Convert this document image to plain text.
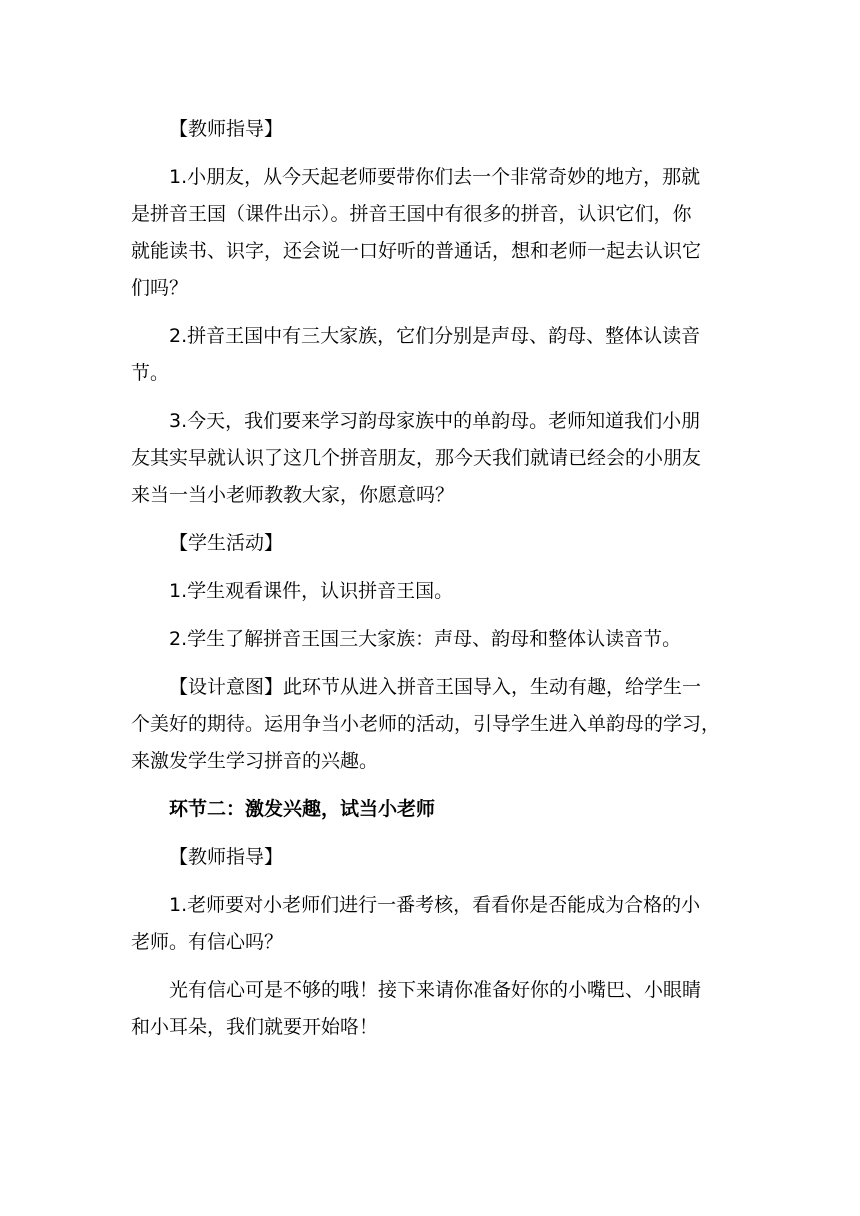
【教师指导】

1.小朋友，从今天起老师要带你们去一个非常奇妙的地方，那就
是拼音王国（课件出示）。拼音王国中有很多的拼音，认识它们，你
就能读书、识字，还会说一口好听的普通话，想和老师一起去认识它
们吗？

2.拼音王国中有三大家族，它们分别是声母、韵母、整体认读音
节。

3.今天，我们要来学习韵母家族中的单韵母。老师知道我们小朋
友其实早就认识了这几个拼音朋友，那今天我们就请已经会的小朋友
来当一当小老师教教大家，你愿意吗？

【学生活动】

1.学生观看课件，认识拼音王国。

2.学生了解拼音王国三大家族：声母、韵母和整体认读音节。

【设计意图】此环节从进入拼音王国导入，生动有趣，给学生一
个美好的期待。运用争当小老师的活动，引导学生进入单韵母的学习，
来激发学生学习拼音的兴趣。

环节二：激发兴趣，试当小老师

【教师指导】

1.老师要对小老师们进行一番考核，看看你是否能成为合格的小
老师。有信心吗？

光有信心可是不够的哦！接下来请你准备好你的小嘴巴、小眼睛
和小耳朵，我们就要开始咯！
